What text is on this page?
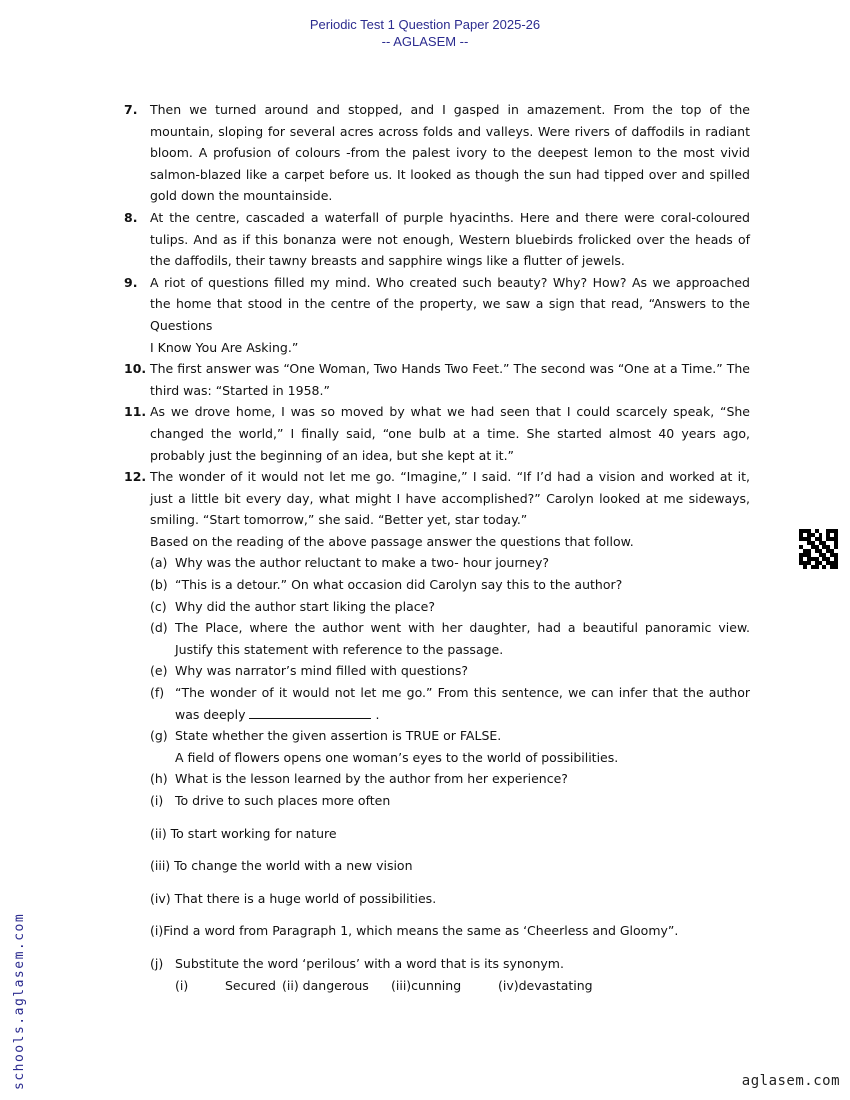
Periodic Test 1 Question Paper 2025-26
-- AGLASEM --
7. Then we turned around and stopped, and I gasped in amazement. From the top of the mountain, sloping for several acres across folds and valleys. Were rivers of daffodils in radiant bloom. A profusion of colours -from the palest ivory to the deepest lemon to the most vivid salmon-blazed like a carpet before us. It looked as though the sun had tipped over and spilled gold down the mountainside.
8. At the centre, cascaded a waterfall of purple hyacinths. Here and there were coral-coloured tulips. And as if this bonanza were not enough, Western bluebirds frolicked over the heads of the daffodils, their tawny breasts and sapphire wings like a flutter of jewels.
9. A riot of questions filled my mind. Who created such beauty? Why? How? As we approached the home that stood in the centre of the property, we saw a sign that read, “Answers to the Questions
I Know You Are Asking.”
10. The first answer was “One Woman, Two Hands Two Feet.” The second was “One at a Time.” The third was: “Started in 1958.”
11. As we drove home, I was so moved by what we had seen that I could scarcely speak, “She changed the world,” I finally said, “one bulb at a time. She started almost 40 years ago, probably just the beginning of an idea, but she kept at it.”
12. The wonder of it would not let me go. “Imagine,” I said. “If I’d had a vision and worked at it, just a little bit every day, what might I have accomplished?” Carolyn looked at me sideways, smiling. “Start tomorrow,” she said. “Better yet, star today.”
Based on the reading of the above passage answer the questions that follow.
(a) Why was the author reluctant to make a two- hour journey?
(b) “This is a detour.” On what occasion did Carolyn say this to the author?
(c) Why did the author start liking the place?
(d) The Place, where the author went with her daughter, had a beautiful panoramic view. Justify this statement with reference to the passage.
(e) Why was narrator’s mind filled with questions?
(f) “The wonder of it would not let me go.” From this sentence, we can infer that the author was deeply	.
(g) State whether the given assertion is TRUE or FALSE.
A field of flowers opens one woman’s eyes to the world of possibilities.
(h) What is the lesson learned by the author from her experience?
(i) To drive to such places more often
(ii) To start working for nature
(iii) To change the world with a new vision
(iv) That there is a huge world of possibilities.
(i)Find a word from Paragraph 1, which means the same as ‘Cheerless and Gloomy”.
(j) Substitute the word ‘perilous’ with a word that is its synonym.
(i)	Secured (ii) dangerous (iii)cunning	(iv)devastating
schools.aglasem.com	aglasem.com
